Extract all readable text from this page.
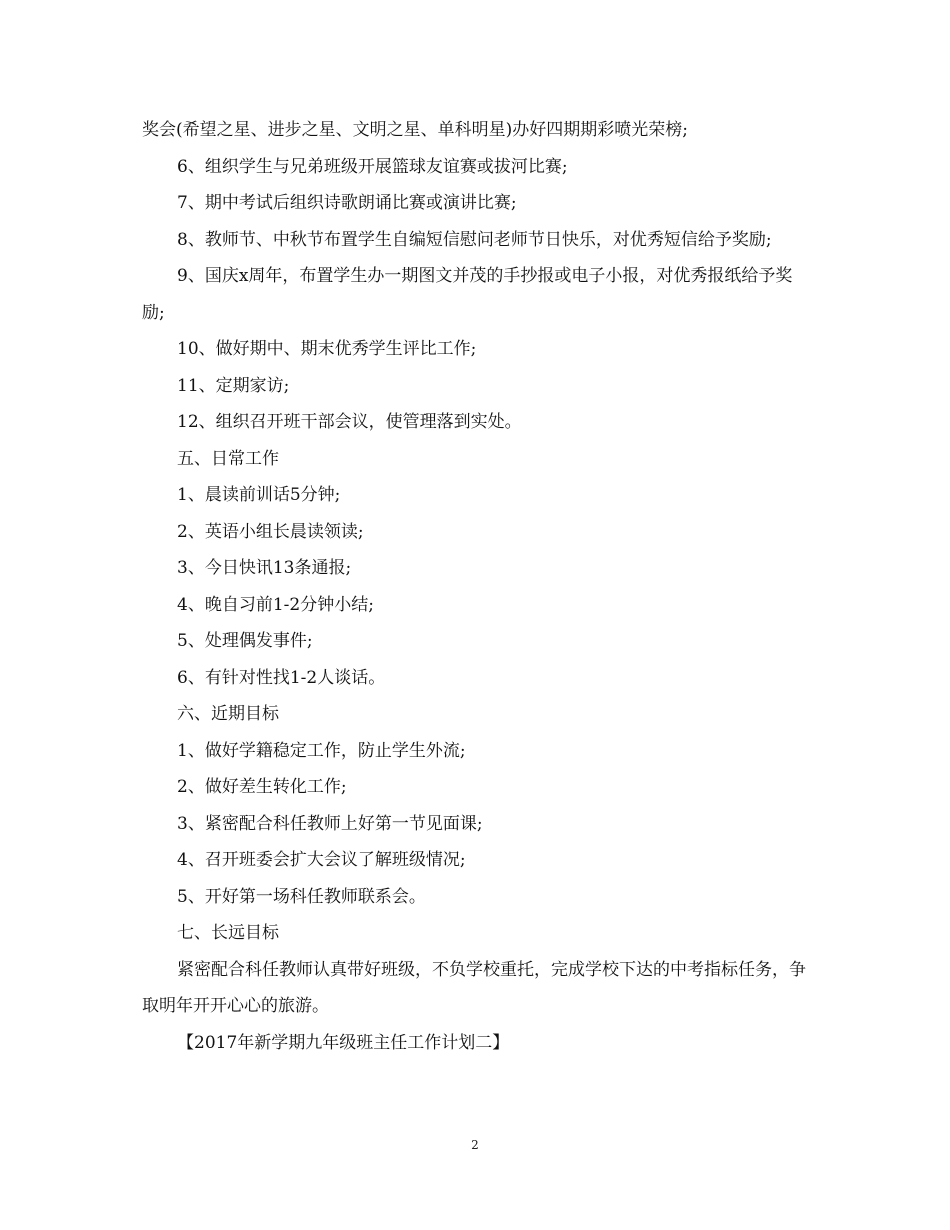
奖会(希望之星、进步之星、文明之星、单科明星)办好四期期彩喷光荣榜;

6、组织学生与兄弟班级开展篮球友谊赛或拔河比赛;

7、期中考试后组织诗歌朗诵比赛或演讲比赛;

8、教师节、中秋节布置学生自编短信慰问老师节日快乐，对优秀短信给予奖励;

9、国庆x周年，布置学生办一期图文并茂的手抄报或电子小报，对优秀报纸给予奖励;

10、做好期中、期末优秀学生评比工作;

11、定期家访;

12、组织召开班干部会议，使管理落到实处。

五、日常工作

1、晨读前训话5分钟;

2、英语小组长晨读领读;

3、今日快讯13条通报;

4、晚自习前1-2分钟小结;

5、处理偶发事件;

6、有针对性找1-2人谈话。

六、近期目标

1、做好学籍稳定工作，防止学生外流;

2、做好差生转化工作;

3、紧密配合科任教师上好第一节见面课;

4、召开班委会扩大会议了解班级情况;

5、开好第一场科任教师联系会。

七、长远目标

紧密配合科任教师认真带好班级，不负学校重托，完成学校下达的中考指标任务，争取明年开开心心的旅游。

【2017年新学期九年级班主任工作计划二】

2
